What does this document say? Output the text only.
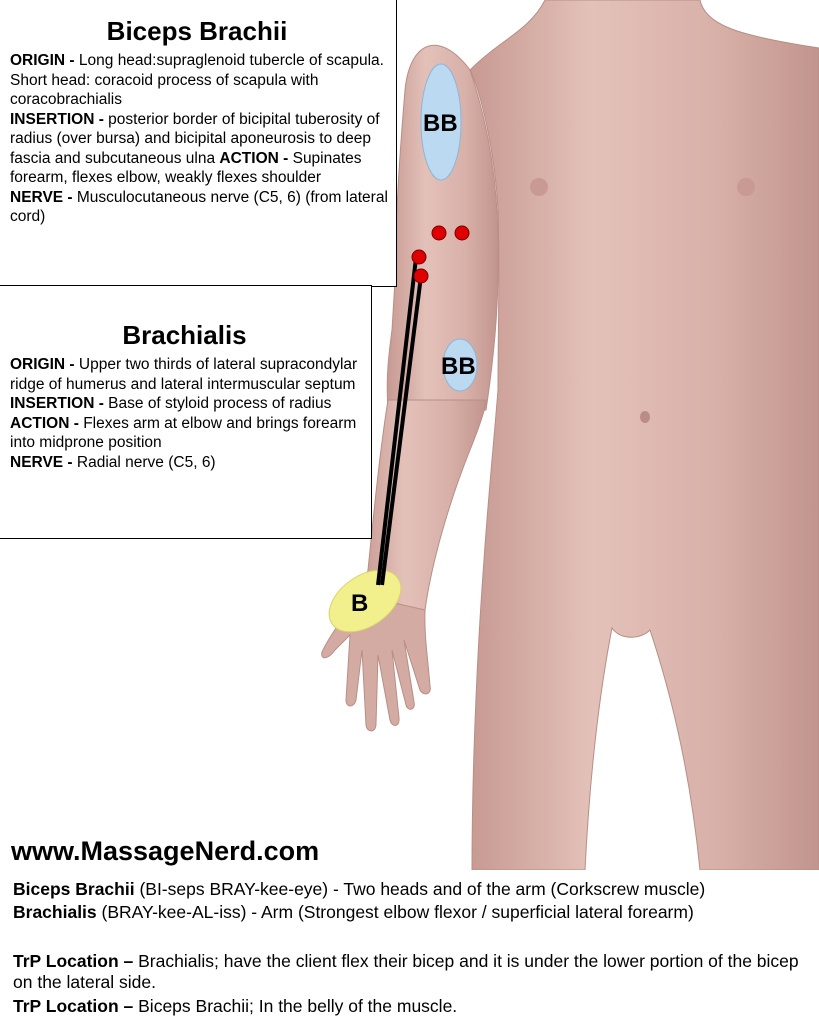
BB
BB
B
Biceps Brachii

ORIGIN - Long head:supraglenoid tubercle of scapula. Short head: coracoid process of scapula with coracobrachialis
INSERTION - posterior border of bicipital tuberosity of radius (over bursa) and bicipital aponeurosis to deep fascia and subcutaneous ulna ACTION - Supinates forearm, flexes elbow, weakly flexes shoulder
NERVE - Musculocutaneous nerve (C5, 6) (from lateral cord)

Brachialis

ORIGIN - Upper two thirds of lateral supracondylar ridge of humerus and lateral intermuscular septum
INSERTION - Base of styloid process of radius
ACTION - Flexes arm at elbow and brings forearm into midprone position
NERVE - Radial nerve (C5, 6)

www.MassageNerd.com
Biceps Brachii (BI-seps BRAY-kee-eye) - Two heads and of the arm (Corkscrew muscle)
Brachialis (BRAY-kee-AL-iss) - Arm (Strongest elbow flexor / superficial lateral forearm)
TrP Location – Brachialis; have the client flex their bicep and it is under the lower portion of the bicep on the lateral side.
TrP Location – Biceps Brachii; In the belly of the muscle.
